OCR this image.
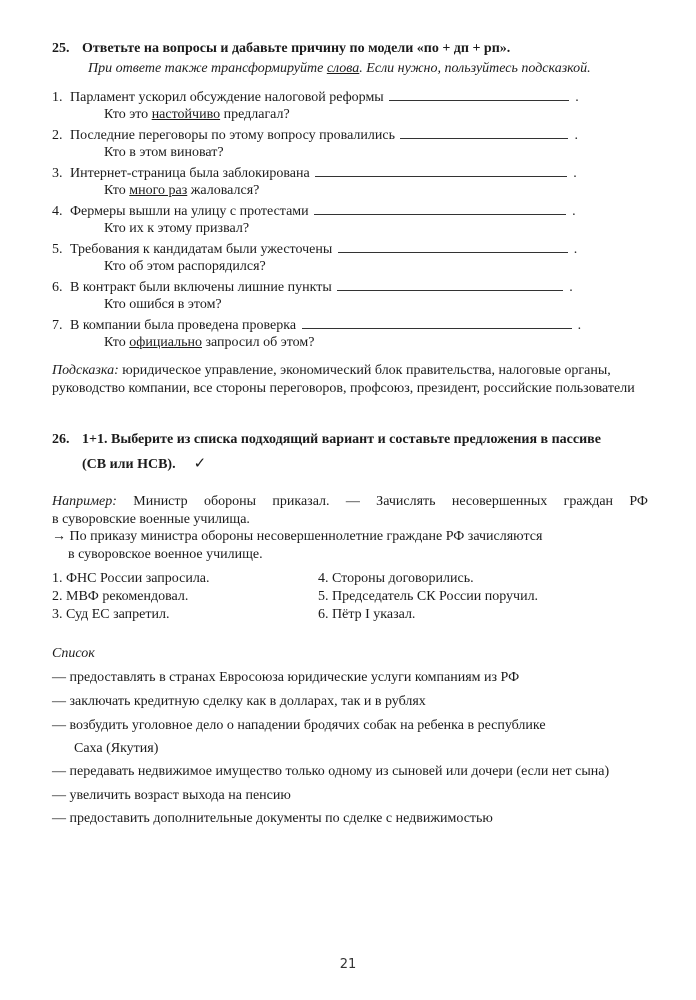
25. Ответьте на вопросы и дабавьте причину по модели «по + дп + рп».
При ответе также трансформируйте слова. Если нужно, пользуйтесь подсказкой.
1. Парламент ускорил обсуждение налоговой реформы	.
Кто это настойчиво предлагал?
2. Последние переговоры по этому вопросу провалились	.
Кто в этом виноват?
3. Интернет-страница была заблокирована	.
Кто много раз жаловался?
4. Фермеры вышли на улицу с протестами	.
Кто их к этому призвал?
5. Требования к кандидатам были ужесточены	.
Кто об этом распорядился?
6. В контракт были включены лишние пункты	.
Кто ошибся в этом?
7. В компании была проведена проверка	.
Кто официально запросил об этом?
Подсказка: юридическое управление, экономический блок правительства, налоговые органы, руководство компании, все стороны переговоров, профсоюз, президент, российские пользователи
26. 1+1. Выберите из списка подходящий вариант и составьте предложения в пассиве
(СВ или НСВ). ✓
Например: Министр обороны приказал. — Зачислять несовершенных граждан РФ
в суворовские военные училища.
→ По приказу министра обороны несовершеннолетние граждане РФ зачисляются
в суворовское военное училище.
1. ФНС России запросила.
2. МВФ рекомендовал.
3. Суд ЕС запретил.
4. Стороны договорились.
5. Председатель СК России поручил.
6. Пётр I указал.
Список
— предоставлять в странах Евросоюза юридические услуги компаниям из РФ
— заключать кредитную сделку как в долларах, так и в рублях
— возбудить уголовное дело о нападении бродячих собак на ребенка в республике
Саха (Якутия)
— передавать недвижимое имущество только одному из сыновей или дочери (если нет сына)
— увеличить возраст выхода на пенсию
— предоставить дополнительные документы по сделке с недвижимостью
21
